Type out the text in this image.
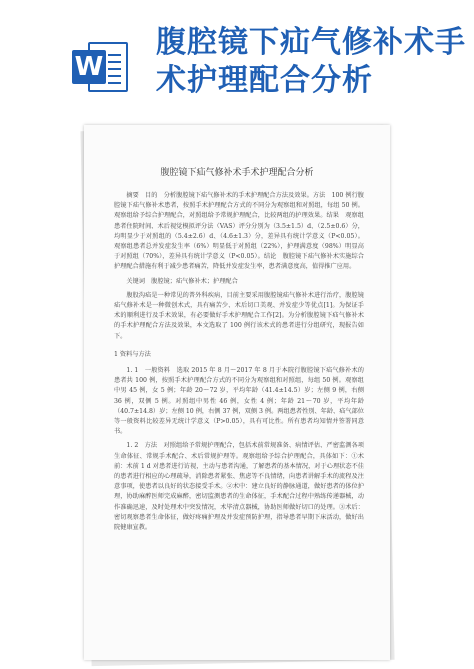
W
腹腔镜下疝气修补术手术护理配合分析
腹腔镜下疝气修补术手术护理配合分析

摘要　目的　分析腹腔镜下疝气修补术的手术护理配合方法及效果。方法　100 例行腹腔镜下疝气修补术患者，按照手术护理配合方式的不同分为观察组和对照组，每组 50 例。观察组给予综合护理配合，对照组给予常规护理配合，比较两组的护理效果。结果　观察组患者住院时间、术后视觉模拟评分法（VAS）评分分别为（3.5±1.5）d、（2.5±0.6）分，均明显少于对照组的（5.4±2.6）d、（4.6±1.3）分，差异具有统计学意义（P<0.05）。观察组患者总并发症发生率（6%）明显低于对照组（22%），护理满意度（98%）明显高于对照组（70%），差异具有统计学意义（P<0.05）。结论　腹腔镜下疝气修补术实施综合护理配合措施有利于减少患者痛苦，降低并发症发生率，患者满意度高，值得推广应用。

关键词　腹腔镜；疝气修补术；护理配合

腹股沟疝是一种常见的普外科疾病，目前主要采用腹腔镜疝气修补术进行治疗，腹腔镜疝气修补术是一种微创术式，具有痛苦少、术后切口美观、并发症少等优点[1]。为保证手术的顺利进行及手术效果，有必要做好手术护理配合工作[2]。为分析腹腔镜下疝气修补术的手术护理配合方法及效果，本文选取了 100 例行该术式的患者进行分组研究，现报告如下。

1 资料与方法

1. 1　一般资料　选取 2015 年 8 月～2017 年 8 月于本院行腹腔镜下疝气修补术的患者共 100 例，按照手术护理配合方式的不同分为观察组和对照组，每组 50 例。观察组中男 45 例，女 5 例；年龄 20～72 岁，平均年龄（41.4±14.5）岁；左侧 9 例，右侧 36 例，双侧 5 例。对照组中男性 46 例，女性 4 例；年龄 21～70 岁，平均年龄（40.7±14.8）岁；左侧 10 例，右侧 37 例，双侧 3 例。两组患者性别、年龄、疝气部位等一般资料比较差异无统计学意义（P>0.05），具有可比性。所有患者均知情并签署同意书。

1. 2　方法　对照组给予常规护理配合，包括术前常规准备、病情评估、严密监测各项生命体征、常规手术配合、术后常规护理等。观察组给予综合护理配合，具体如下：①术前：术前 1 d 对患者进行访视，主动与患者沟通，了解患者的基本情况，对于心理状态不佳的患者进行相应的心理疏导，消除患者紧张、焦虑等不良情绪，向患者讲解手术的流程及注意事项，使患者以良好的状态接受手术。②术中：建立良好的静脉通道，做好患者的体位护理，协助麻醉医师完成麻醉，密切监测患者的生命体征，手术配合过程中熟练传递器械，动作准确迅速，及时处理术中突发情况，术毕清点器械，协助医师做好切口的处理。③术后：密切观察患者生命体征，做好疼痛护理及并发症预防护理，指导患者早期下床活动，做好出院健康宣教。
